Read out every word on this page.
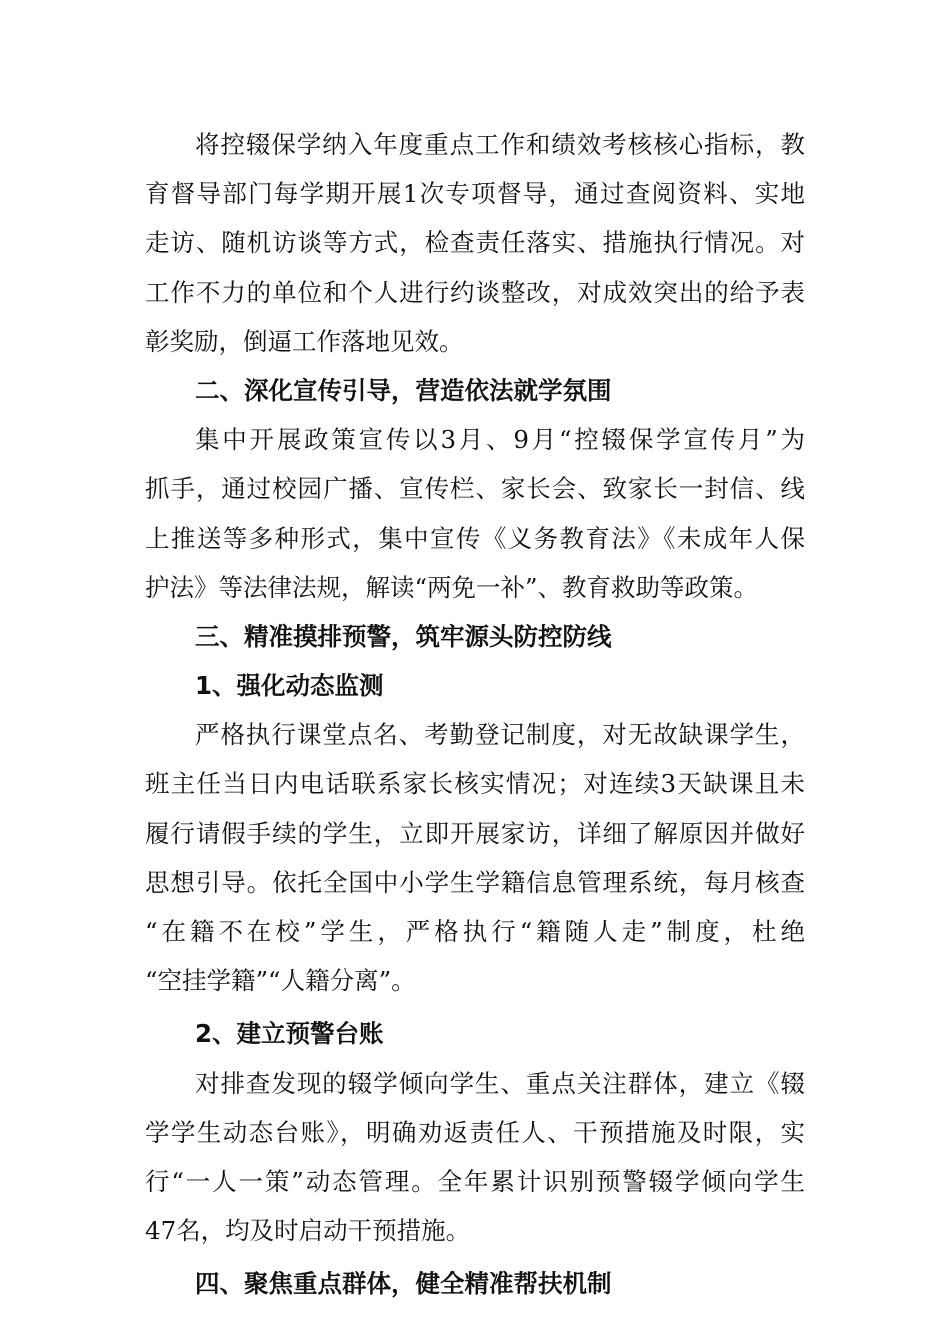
将控辍保学纳入年度重点工作和绩效考核核心指标，教
育督导部门每学期开展1次专项督导，通过查阅资料、实地
走访、随机访谈等方式，检查责任落实、措施执行情况。对
工作不力的单位和个人进行约谈整改，对成效突出的给予表
彰奖励，倒逼工作落地见效。
二、深化宣传引导，营造依法就学氛围
集中开展政策宣传以3月、9月“控辍保学宣传月”为
抓手，通过校园广播、宣传栏、家长会、致家长一封信、线
上推送等多种形式，集中宣传《义务教育法》《未成年人保
护法》等法律法规，解读“两免一补”、教育救助等政策。
三、精准摸排预警，筑牢源头防控防线
1、强化动态监测
严格执行课堂点名、考勤登记制度，对无故缺课学生，
班主任当日内电话联系家长核实情况；对连续3天缺课且未
履行请假手续的学生，立即开展家访，详细了解原因并做好
思想引导。依托全国中小学生学籍信息管理系统，每月核查
“在籍不在校”学生，严格执行“籍随人走”制度，杜绝
“空挂学籍”“人籍分离”。
2、建立预警台账
对排查发现的辍学倾向学生、重点关注群体，建立《辍
学学生动态台账》，明确劝返责任人、干预措施及时限，实
行“一人一策”动态管理。全年累计识别预警辍学倾向学生
47名，均及时启动干预措施。
四、聚焦重点群体，健全精准帮扶机制
